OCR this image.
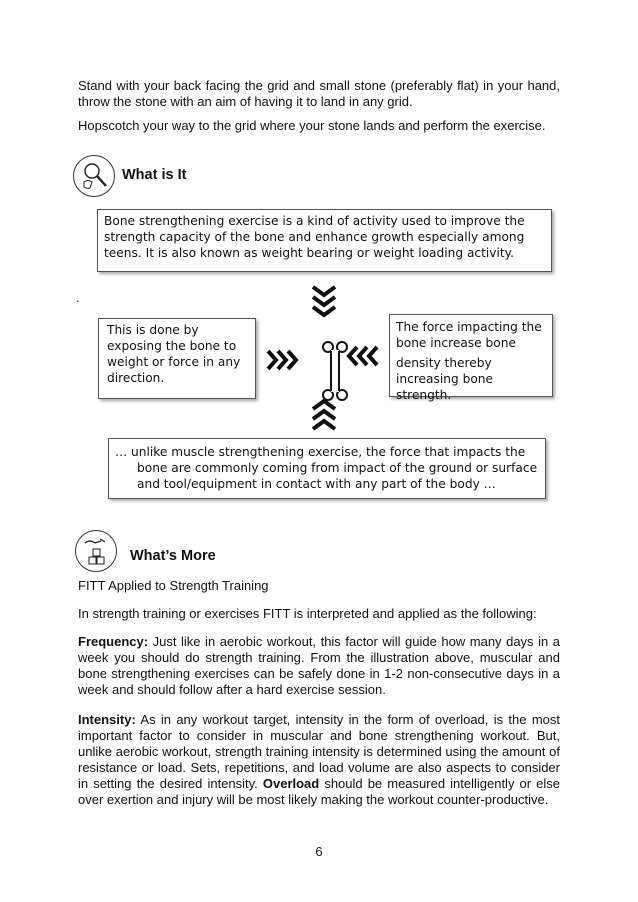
Stand with your back facing the grid and small stone (preferably flat) in your hand, throw the stone with an aim of having it to land in any grid.
Hopscotch your way to the grid where your stone lands and perform the exercise.
What is It
Bone strengthening exercise is a kind of activity used to improve the strength capacity of the bone and enhance growth especially among teens. It is also known as weight bearing or weight loading activity.
.
This is done by exposing the bone to weight or force in any direction.
The force impacting the bone increase bone
density thereby increasing bone strength.
… unlike muscle strengthening exercise, the force that impacts the bone are commonly coming from impact of the ground or surface and tool/equipment in contact with any part of the body …
What’s More
FITT Applied to Strength Training
In strength training or exercises FITT is interpreted and applied as the following:
Frequency: Just like in aerobic workout, this factor will guide how many days in a week you should do strength training. From the illustration above, muscular and bone strengthening exercises can be safely done in 1-2 non-consecutive days in a week and should follow after a hard exercise session.
Intensity: As in any workout target, intensity in the form of overload, is the most important factor to consider in muscular and bone strengthening workout. But, unlike aerobic workout, strength training intensity is determined using the amount of resistance or load. Sets, repetitions, and load volume are also aspects to consider in setting the desired intensity. Overload should be measured intelligently or else over exertion and injury will be most likely making the workout counter-productive.
6
